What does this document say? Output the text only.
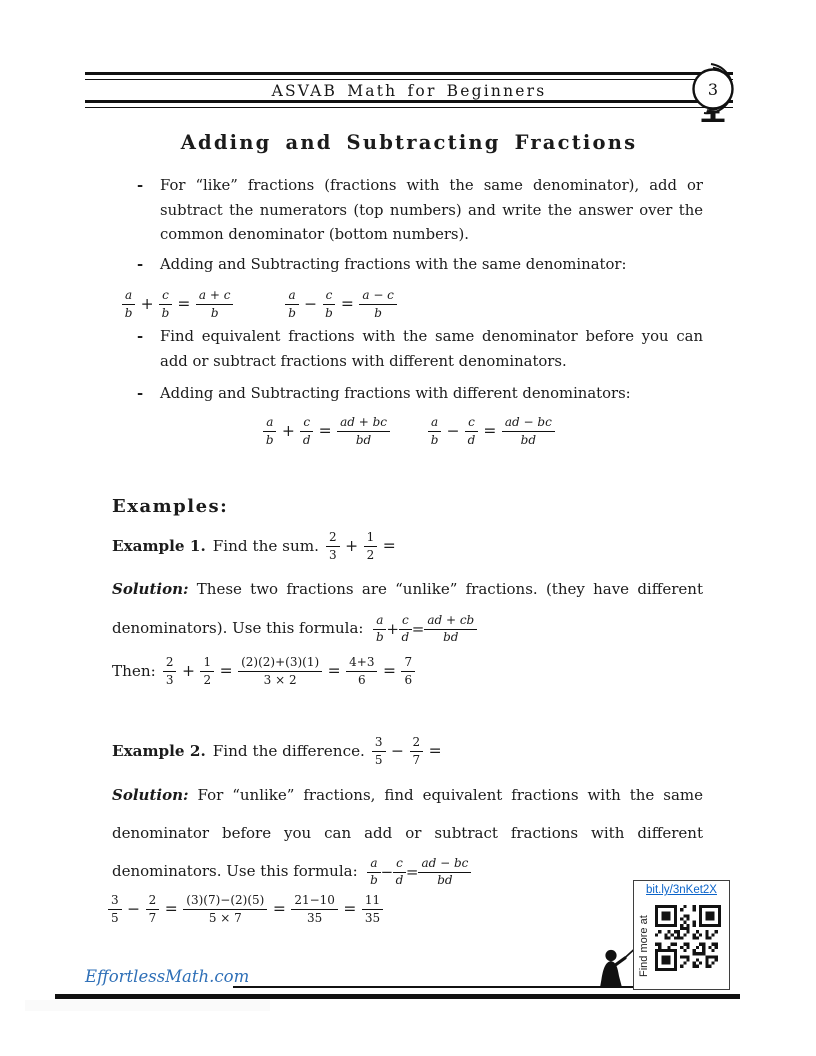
ASVAB Math for Beginners	3
Adding and Subtracting Fractions
-	For “like” fractions (fractions with the same denominator), add or subtract the numerators (top numbers) and write the answer over the common denominator (bottom numbers).
-	Adding and Subtracting fractions with the same denominator:
$\frac{a}{b} + \frac{c}{b} = \frac{a + c}{b}$	$\frac{a}{b} - \frac{c}{b} = \frac{a - c}{b}$
-	Find equivalent fractions with the same denominator before you can add or subtract fractions with different denominators.
-	Adding and Subtracting fractions with different denominators:
$\frac{a}{b} + \frac{c}{d} = \frac{ad + bc}{bd}$	$\frac{a}{b} - \frac{c}{d} = \frac{ad - bc}{bd}$
Examples:
Example 1. Find the sum. $\frac{2}{3} + \frac{1}{2}$ =

Solution: These two fractions are “unlike” fractions. (they have different denominators). Use this formula: $\frac{a}{b} + \frac{c}{d} = \frac{ad + cb}{bd}$

Then: $\frac{2}{3} + \frac{1}{2} = \frac{(2)(2)+(3)(1)}{3 \times 2} = \frac{4+3}{6} = \frac{7}{6}$
Example 2. Find the difference. $\frac{3}{5} - \frac{2}{7}$ =

Solution: For “unlike” fractions, find equivalent fractions with the same denominator before you can add or subtract fractions with different denominators. Use this formula: $\frac{a}{b} - \frac{c}{d} = \frac{ad - bc}{bd}$

$\frac{3}{5} - \frac{2}{7} = \frac{(3)(7)-(2)(5)}{5 \times 7} = \frac{21-10}{35} = \frac{11}{35}$
bit.ly/3nKet2X
Find more at
EffortlessMath.com
